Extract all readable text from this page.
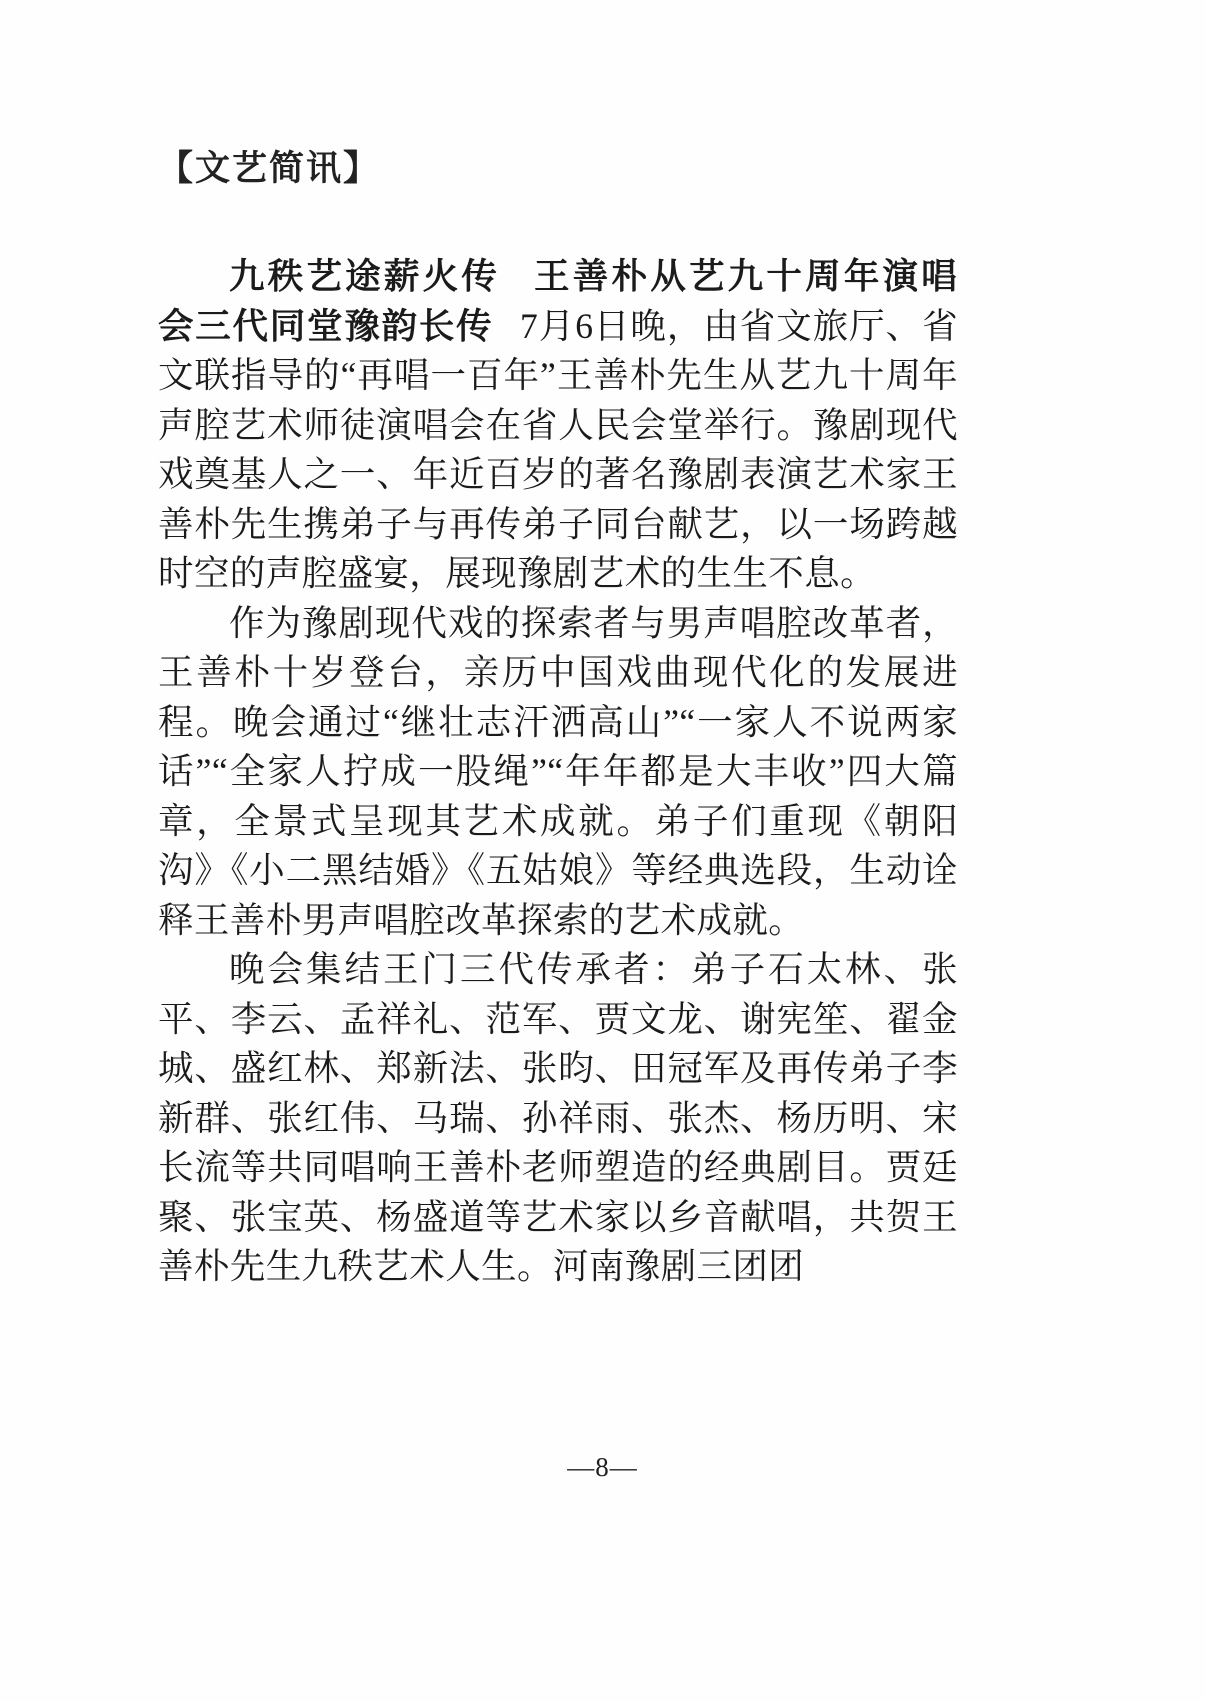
【文艺简讯】

九秩艺途薪火传 王善朴从艺九十周年演唱会三代同堂豫韵长传 7月6日晚，由省文旅厅、省文联指导的“再唱一百年”王善朴先生从艺九十周年声腔艺术师徒演唱会在省人民会堂举行。豫剧现代戏奠基人之一、年近百岁的著名豫剧表演艺术家王善朴先生携弟子与再传弟子同台献艺，以一场跨越时空的声腔盛宴，展现豫剧艺术的生生不息。

作为豫剧现代戏的探索者与男声唱腔改革者，王善朴十岁登台，亲历中国戏曲现代化的发展进程。晚会通过“继壮志汗洒高山”“一家人不说两家话”“全家人拧成一股绳”“年年都是大丰收”四大篇章，全景式呈现其艺术成就。弟子们重现《朝阳沟》《小二黑结婚》《五姑娘》等经典选段，生动诠释王善朴男声唱腔改革探索的艺术成就。

晚会集结王门三代传承者：弟子石太林、张平、李云、孟祥礼、范军、贾文龙、谢宪笙、翟金城、盛红林、郑新法、张昀、田冠军及再传弟子李新群、张红伟、马瑞、孙祥雨、张杰、杨历明、宋长流等共同唱响王善朴老师塑造的经典剧目。贾廷聚、张宝英、杨盛道等艺术家以乡音献唱，共贺王善朴先生九秩艺术人生。河南豫剧三团团

—8—
